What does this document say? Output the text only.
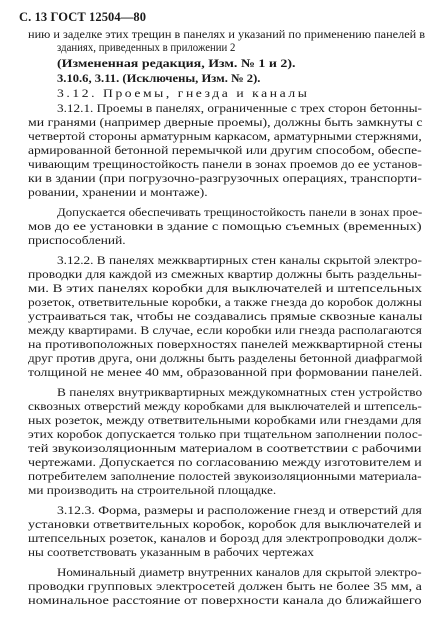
С. 13 ГОСТ 12504—80
нию и заделке этих трещин в панелях и указаний по применению панелей в
зданиях, приведенных в приложении 2
(Измененная редакция, Изм. № 1 и 2).
3.10.6, 3.11. (Исключены, Изм. № 2).
3.12. Проемы, гнезда и каналы
3.12.1. Проемы в панелях, ограниченные с трех сторон бетонны-
ми гранями (например дверные проемы), должны быть замкнуты с
четвертой стороны арматурным каркасом, арматурными стержнями,
армированной бетонной перемычкой или другим способом, обеспе-
чивающим трещиностойкость панели в зонах проемов до ее установ-
ки в здании (при погрузочно-разгрузочных операциях, транспорти-
ровании, хранении и монтаже).
Допускается обеспечивать трещиностойкость панели в зонах прое-
мов до ее установки в здание с помощью съемных (временных)
приспособлений.
3.12.2. В панелях межквартирных стен каналы скрытой электро-
проводки для каждой из смежных квартир должны быть раздельны-
ми. В этих панелях коробки для выключателей и штепсельных
розеток, ответвительные коробки, а также гнезда до коробок должны
устраиваться так, чтобы не создавались прямые сквозные каналы
между квартирами. В случае, если коробки или гнезда располагаются
на противоположных поверхностях панелей межквартирной стены
друг против друга, они должны быть разделены бетонной диафрагмой
толщиной не менее 40 мм, образованной при формовании панелей.
В панелях внутриквартирных междукомнатных стен устройство
сквозных отверстий между коробками для выключателей и штепсель-
ных розеток, между ответвительными коробками или гнездами для
этих коробок допускается только при тщательном заполнении полос-
тей звукоизоляционным материалом в соответствии с рабочими
чертежами. Допускается по согласованию между изготовителем и
потребителем заполнение полостей звукоизоляционными материала-
ми производить на строительной площадке.
3.12.3. Форма, размеры и расположение гнезд и отверстий для
установки ответвительных коробок, коробок для выключателей и
штепсельных розеток, каналов и борозд для электропроводки долж-
ны соответствовать указанным в рабочих чертежах
Номинальный диаметр внутренних каналов для скрытой электро-
проводки групповых электросетей должен быть не более 35 мм, а
номинальное расстояние от поверхности канала до ближайшего
